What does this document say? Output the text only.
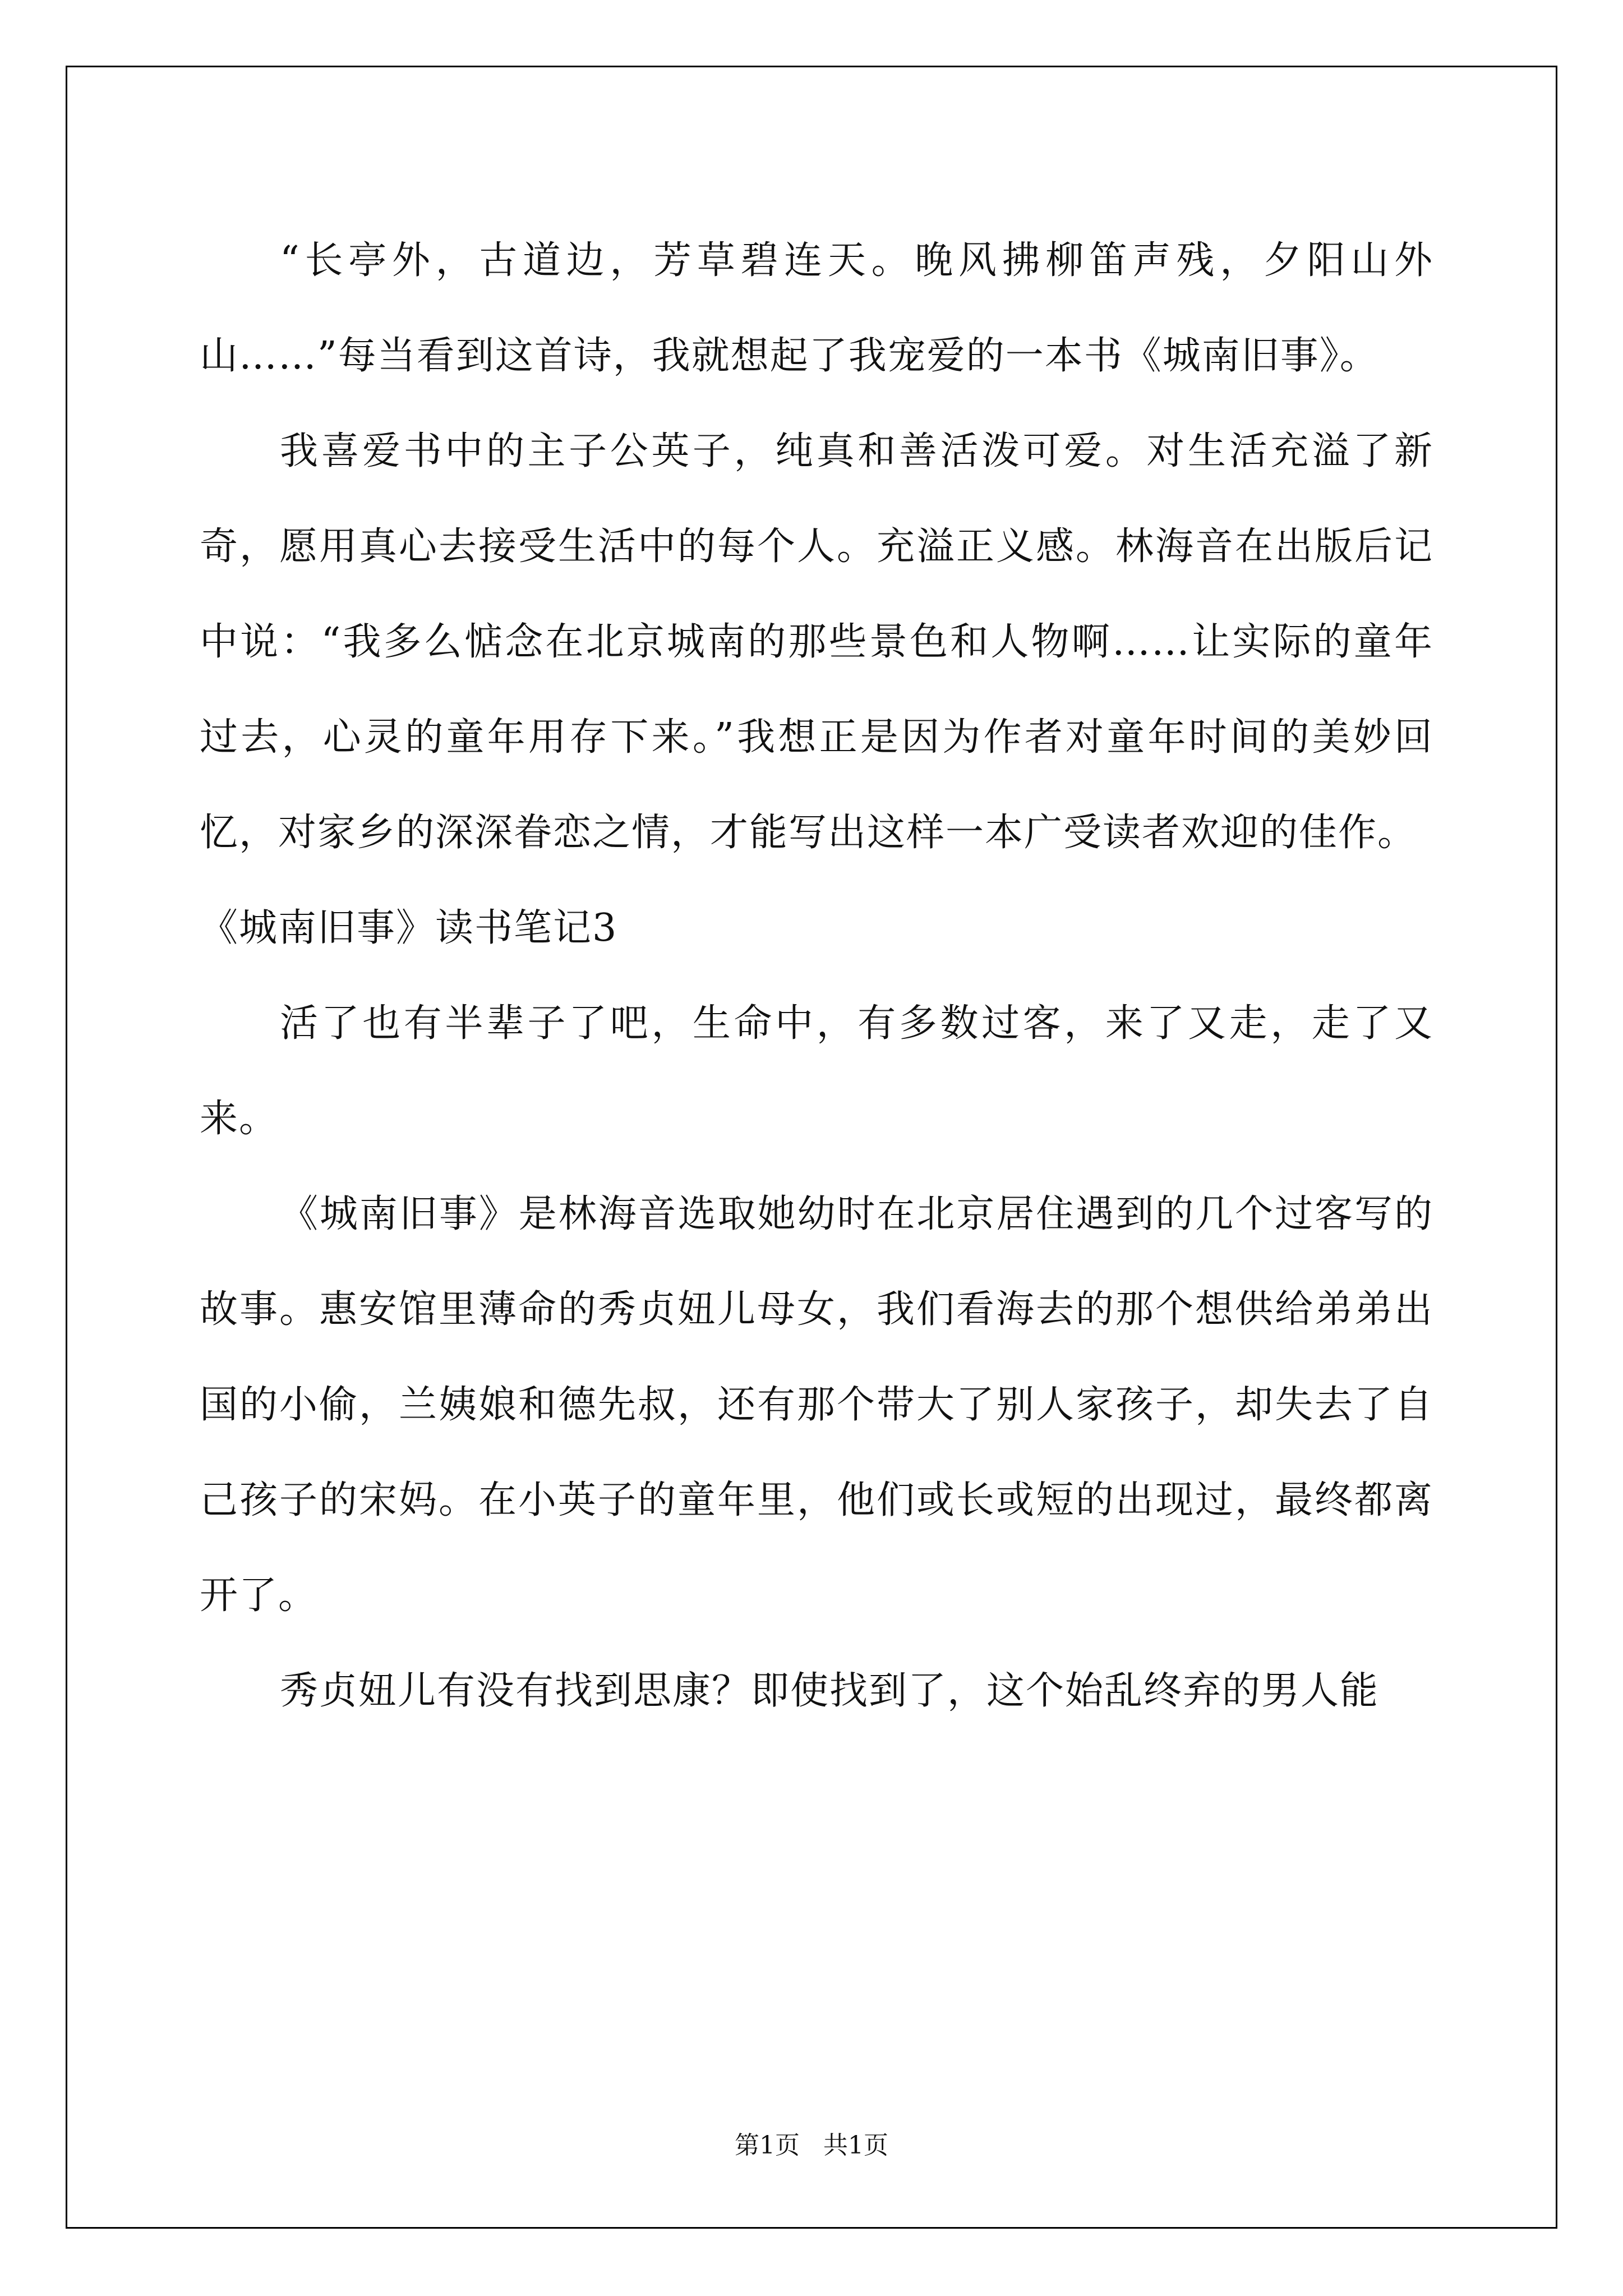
“长亭外，古道边，芳草碧连天。晚风拂柳笛声残，夕阳山外山……”每当看到这首诗，我就想起了我宠爱的一本书《城南旧事》。

我喜爱书中的主子公英子，纯真和善活泼可爱。对生活充溢了新奇，愿用真心去接受生活中的每个人。充溢正义感。林海音在出版后记中说：“我多么惦念在北京城南的那些景色和人物啊……让实际的童年过去，心灵的童年用存下来。”我想正是因为作者对童年时间的美妙回忆，对家乡的深深眷恋之情，才能写出这样一本广受读者欢迎的佳作。

《城南旧事》读书笔记3

活了也有半辈子了吧，生命中，有多数过客，来了又走，走了又来。

《城南旧事》是林海音选取她幼时在北京居住遇到的几个过客写的故事。惠安馆里薄命的秀贞妞儿母女，我们看海去的那个想供给弟弟出国的小偷，兰姨娘和德先叔，还有那个带大了别人家孩子，却失去了自己孩子的宋妈。在小英子的童年里，他们或长或短的出现过，最终都离开了。

秀贞妞儿有没有找到思康？即使找到了，这个始乱终弃的男人能

第1页   共1页
